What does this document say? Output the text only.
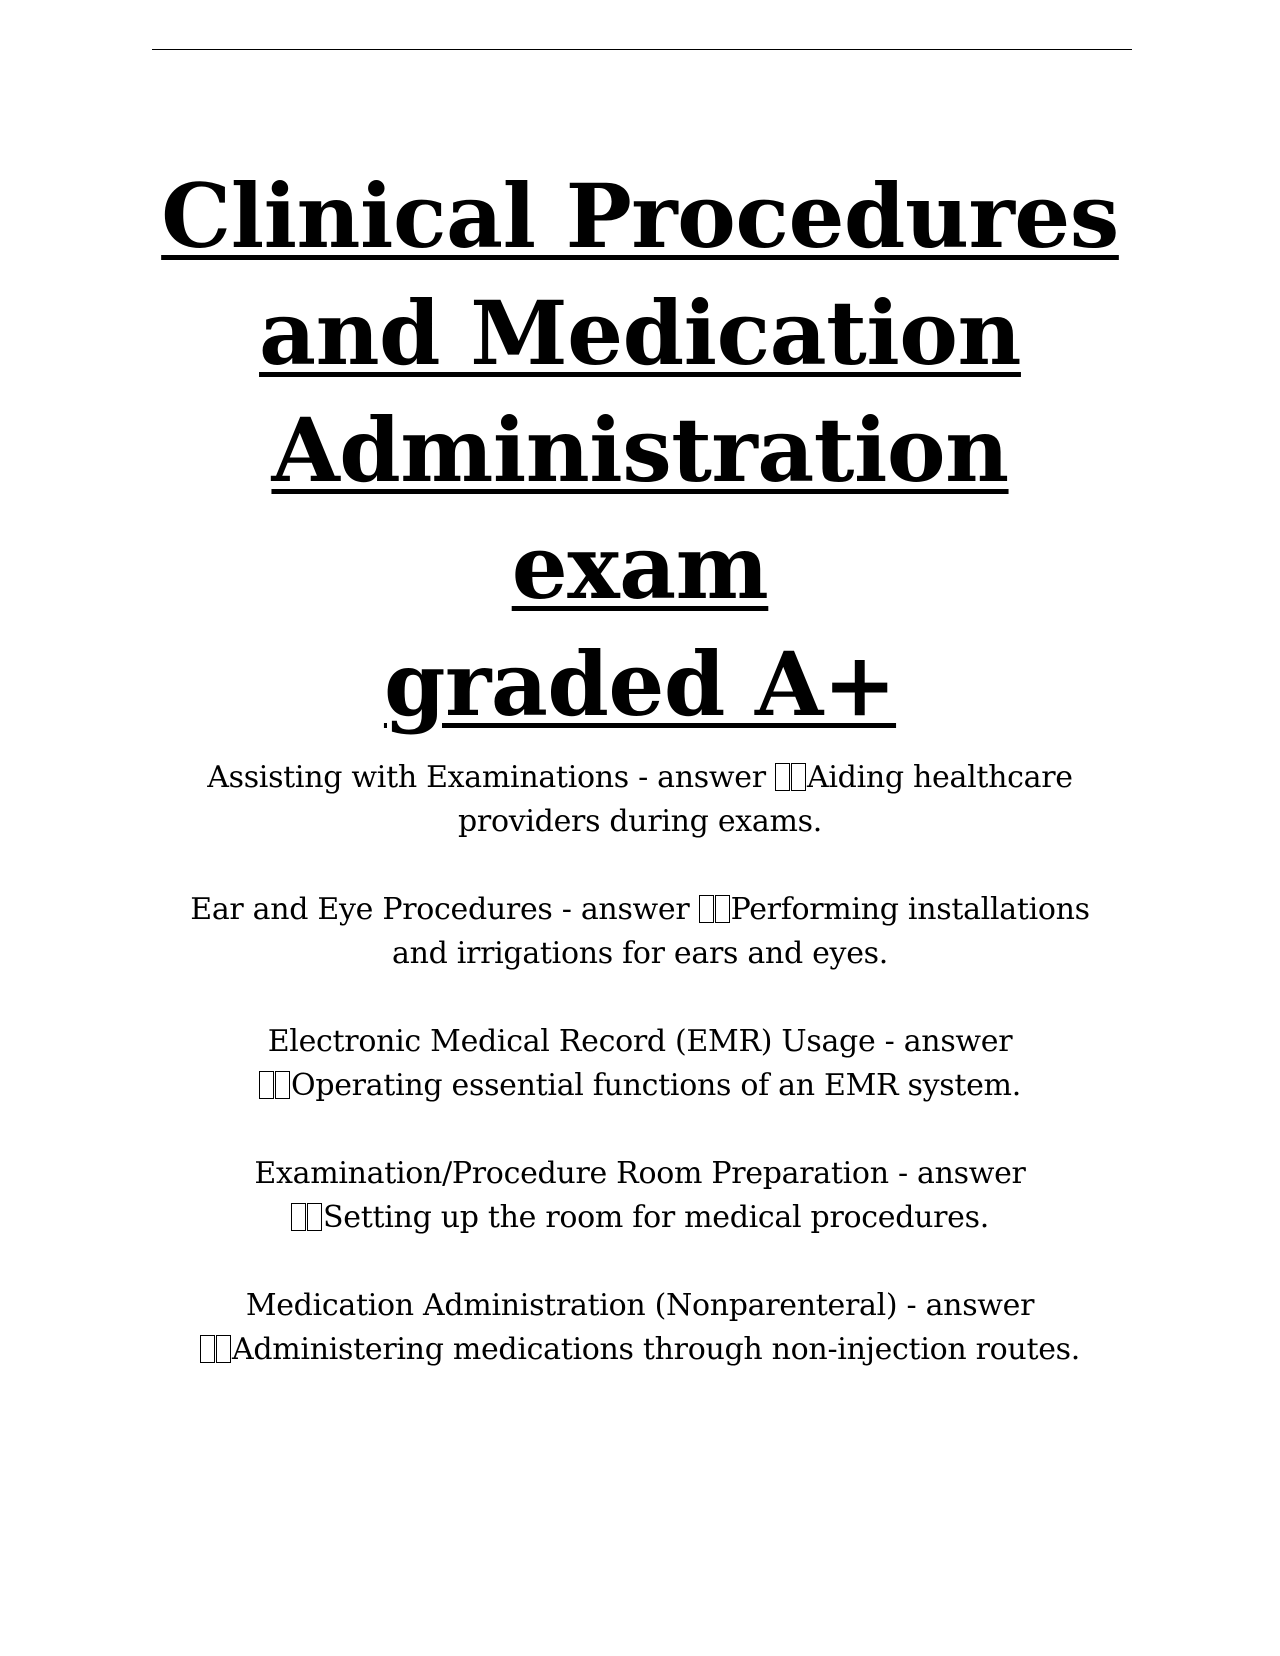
Clinical Procedures
and Medication
Administration exam
graded A+
Assisting with Examinations - answer Aiding healthcare
providers during exams.
Ear and Eye Procedures - answer Performing installations
and irrigations for ears and eyes.
Electronic Medical Record (EMR) Usage - answer
Operating essential functions of an EMR system.
Examination/Procedure Room Preparation - answer
Setting up the room for medical procedures.
Medication Administration (Nonparenteral) - answer
Administering medications through non-injection routes.
